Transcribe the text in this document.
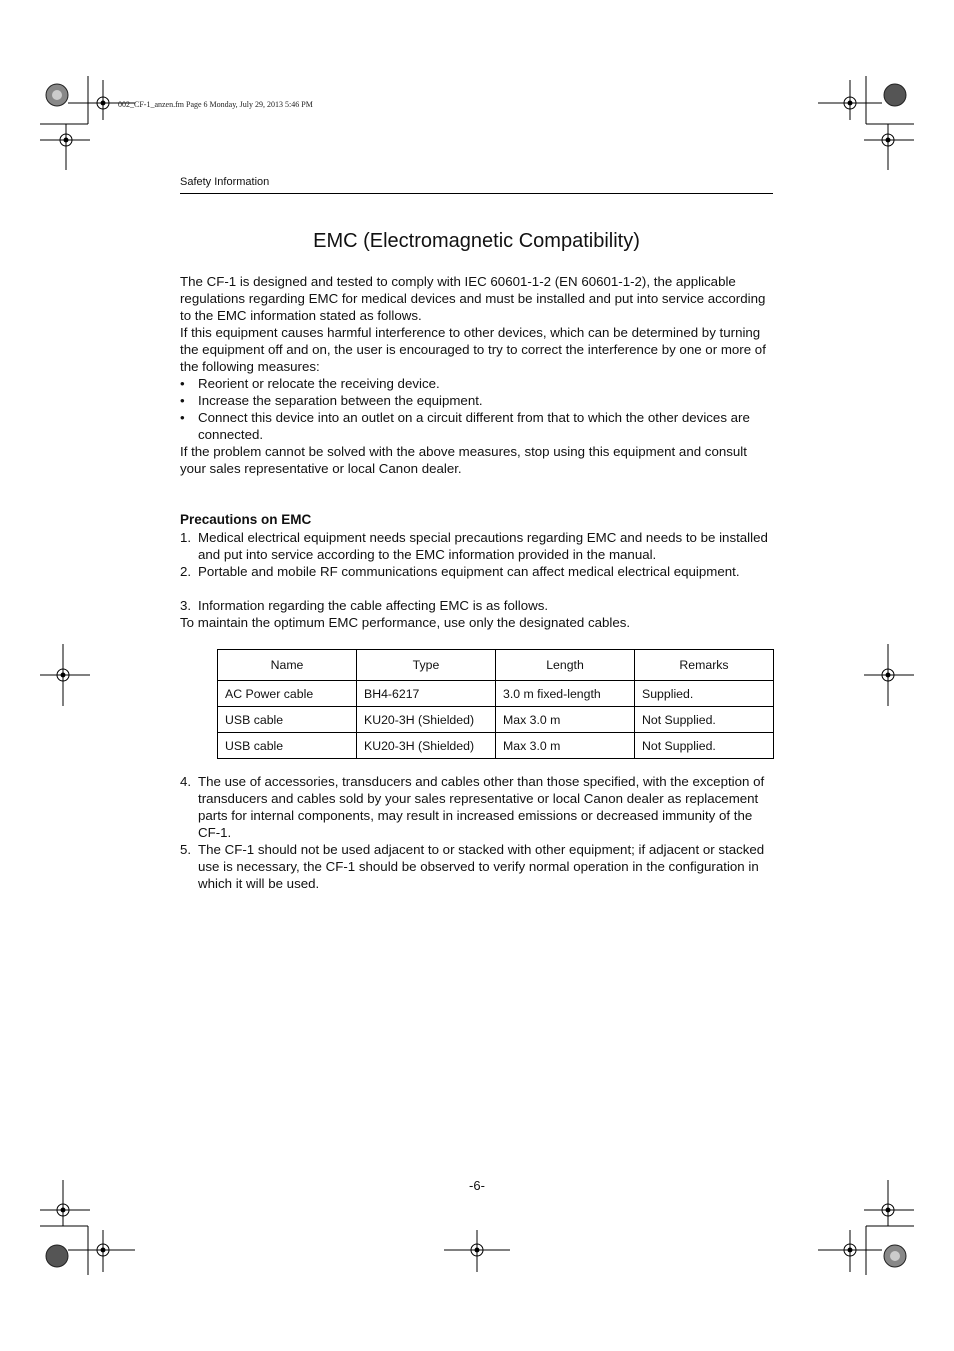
002_CF-1_anzen.fm Page 6 Monday, July 29, 2013 5:46 PM
Safety Information
EMC (Electromagnetic Compatibility)
The CF-1 is designed and tested to comply with IEC 60601-1-2 (EN 60601-1-2), the applicable regulations regarding EMC for medical devices and must be installed and put into service according to the EMC information stated as follows.
If this equipment causes harmful interference to other devices, which can be determined by turning the equipment off and on, the user is encouraged to try to correct the interference by one or more of the following measures:
• Reorient or relocate the receiving device.
• Increase the separation between the equipment.
• Connect this device into an outlet on a circuit different from that to which the other devices are connected.
If the problem cannot be solved with the above measures, stop using this equipment and consult your sales representative or local Canon dealer.
Precautions on EMC
1. Medical electrical equipment needs special precautions regarding EMC and needs to be installed and put into service according to the EMC information provided in the manual.
2. Portable and mobile RF communications equipment can affect medical electrical equipment.
3. Information regarding the cable affecting EMC is as follows.
To maintain the optimum EMC performance, use only the designated cables.
Name	Type	Length	Remarks
AC Power cable	BH4-6217	3.0 m fixed-length	Supplied.
USB cable	KU20-3H (Shielded)	Max 3.0 m	Not Supplied.
USB cable	KU20-3H (Shielded)	Max 3.0 m	Not Supplied.
4. The use of accessories, transducers and cables other than those specified, with the exception of transducers and cables sold by your sales representative or local Canon dealer as replacement parts for internal components, may result in increased emissions or decreased immunity of the CF-1.
5. The CF-1 should not be used adjacent to or stacked with other equipment; if adjacent or stacked use is necessary, the CF-1 should be observed to verify normal operation in the configuration in which it will be used.
-6-
